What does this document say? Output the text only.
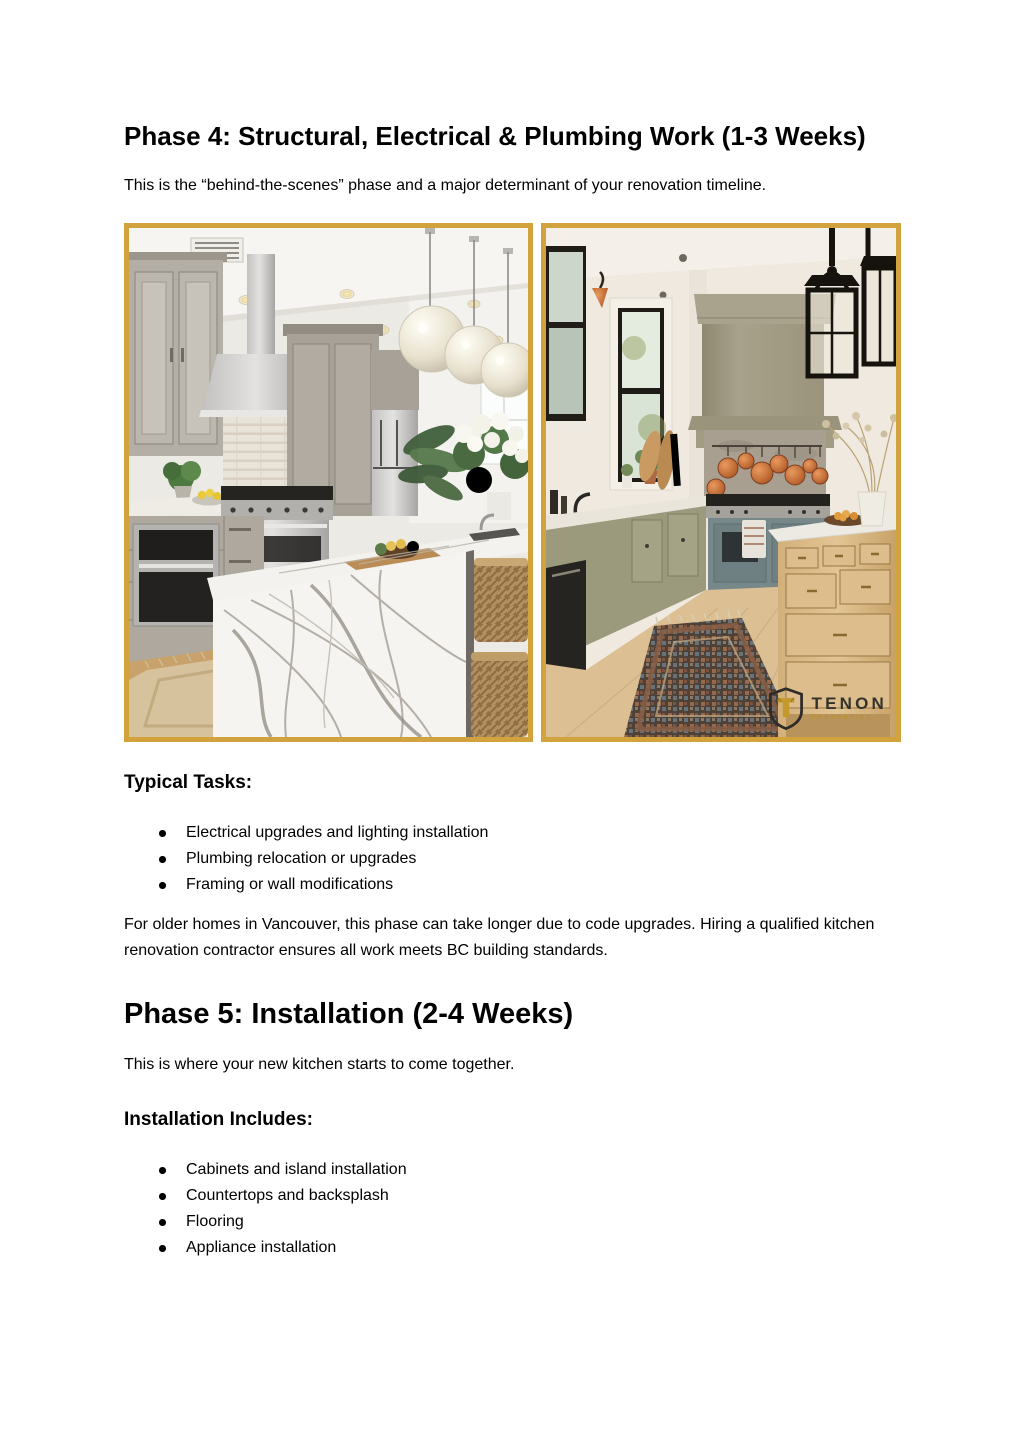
Phase 4: Structural, Electrical & Plumbing Work (1-3 Weeks)

This is the “behind-the-scenes” phase and a major determinant of your renovation timeline.

TENON
PROPERTIES
Typical Tasks:
Electrical upgrades and lighting installation
Plumbing relocation or upgrades
Framing or wall modifications

For older homes in Vancouver, this phase can take longer due to code upgrades. Hiring a qualified kitchen renovation contractor ensures all work meets BC building standards.

Phase 5: Installation (2-4 Weeks)

This is where your new kitchen starts to come together.

Installation Includes:
Cabinets and island installation
Countertops and backsplash
Flooring
Appliance installation
